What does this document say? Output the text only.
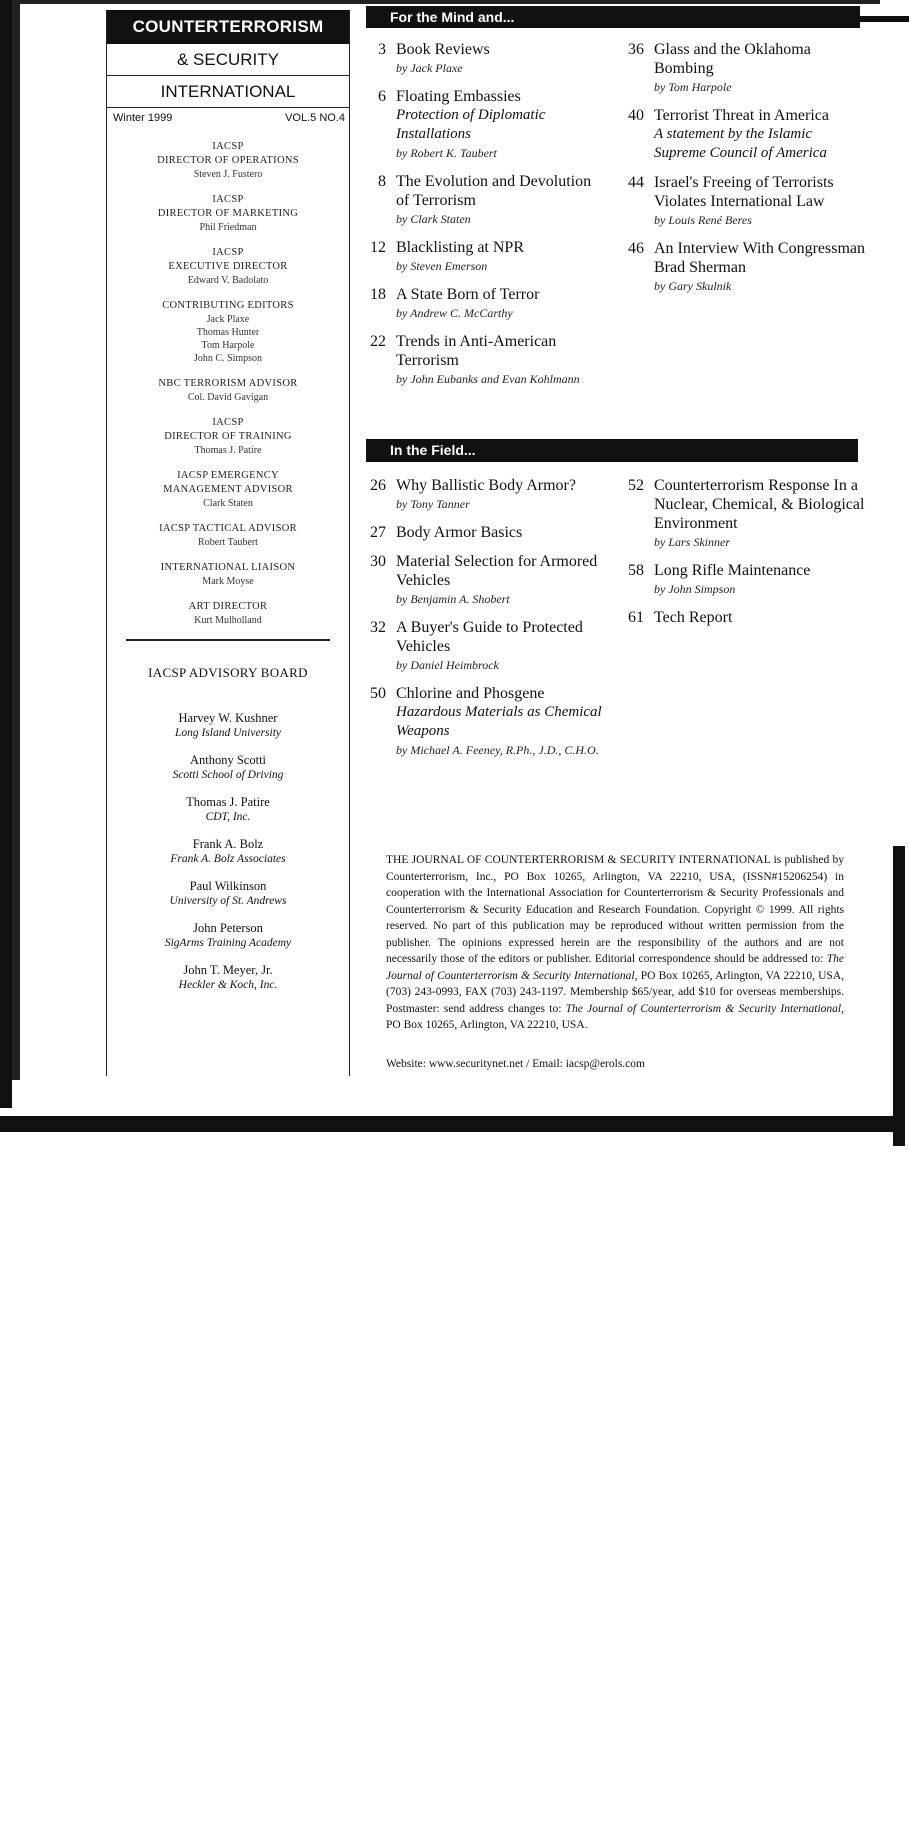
COUNTERTERRORISM
& SECURITY
INTERNATIONAL
Winter 1999	VOL.5 NO.4
IACSP
DIRECTOR OF OPERATIONS
Steven J. Fustero
IACSP
DIRECTOR OF MARKETING
Phil Friedman
IACSP
EXECUTIVE DIRECTOR
Edward V. Badolato
CONTRIBUTING EDITORS
Jack Plaxe
Thomas Hunter
Tom Harpole
John C. Simpson
NBC TERRORISM ADVISOR
Col. David Gavigan
IACSP
DIRECTOR OF TRAINING
Thomas J. Patire
IACSP EMERGENCY
MANAGEMENT ADVISOR
Clark Staten
IACSP TACTICAL ADVISOR
Robert Taubert
INTERNATIONAL LIAISON
Mark Moyse
ART DIRECTOR
Kurt Mulholland
IACSP ADVISORY BOARD
Harvey W. Kushner
Long Island University
Anthony Scotti
Scotti School of Driving
Thomas J. Patire
CDT, Inc.
Frank A. Bolz
Frank A. Bolz Associates
Paul Wilkinson
University of St. Andrews
John Peterson
SigArms Training Academy
John T. Meyer, Jr.
Heckler & Koch, Inc.
For the Mind and...
In the Field...
3 Book Reviews
by Jack Plaxe
6 Floating Embassies
Protection of Diplomatic Installations
by Robert K. Taubert
8 The Evolution and Devolution of Terrorism
by Clark Staten
12 Blacklisting at NPR
by Steven Emerson
18 A State Born of Terror
by Andrew C. McCarthy
22 Trends in Anti-American Terrorism
by John Eubanks and Evan Kohlmann
36 Glass and the Oklahoma Bombing
by Tom Harpole
40 Terrorist Threat in America
A statement by the Islamic Supreme Council of America
44 Israel's Freeing of Terrorists Violates International Law
by Louis René Beres
46 An Interview With Congressman Brad Sherman
by Gary Skulnik
26 Why Ballistic Body Armor?
by Tony Tanner
27 Body Armor Basics
30 Material Selection for Armored Vehicles
by Benjamin A. Shobert
32 A Buyer's Guide to Protected Vehicles
by Daniel Heimbrock
50 Chlorine and Phosgene
Hazardous Materials as Chemical Weapons
by Michael A. Feeney, R.Ph., J.D., C.H.O.
52 Counterterrorism Response In a Nuclear, Chemical, & Biological Environment
by Lars Skinner
58 Long Rifle Maintenance
by John Simpson
61 Tech Report
THE JOURNAL OF COUNTERTERRORISM & SECURITY INTERNATIONAL is published by Counterterrorism, Inc., PO Box 10265, Arlington, VA 22210, USA, (ISSN#15206254) in cooperation with the International Association for Counterterrorism & Security Professionals and Counterterrorism & Security Education and Research Foundation. Copyright © 1999. All rights reserved. No part of this publication may be reproduced without written permission from the publisher. The opinions expressed herein are the responsibility of the authors and are not necessarily those of the editors or publisher. Editorial correspondence should be addressed to: The Journal of Counterterrorism & Security International, PO Box 10265, Arlington, VA 22210, USA, (703) 243-0993, FAX (703) 243-1197. Membership $65/year, add $10 for overseas memberships. Postmaster: send address changes to: The Journal of Counterterrorism & Security International, PO Box 10265, Arlington, VA 22210, USA.
Website: www.securitynet.net / Email: iacsp@erols.com
